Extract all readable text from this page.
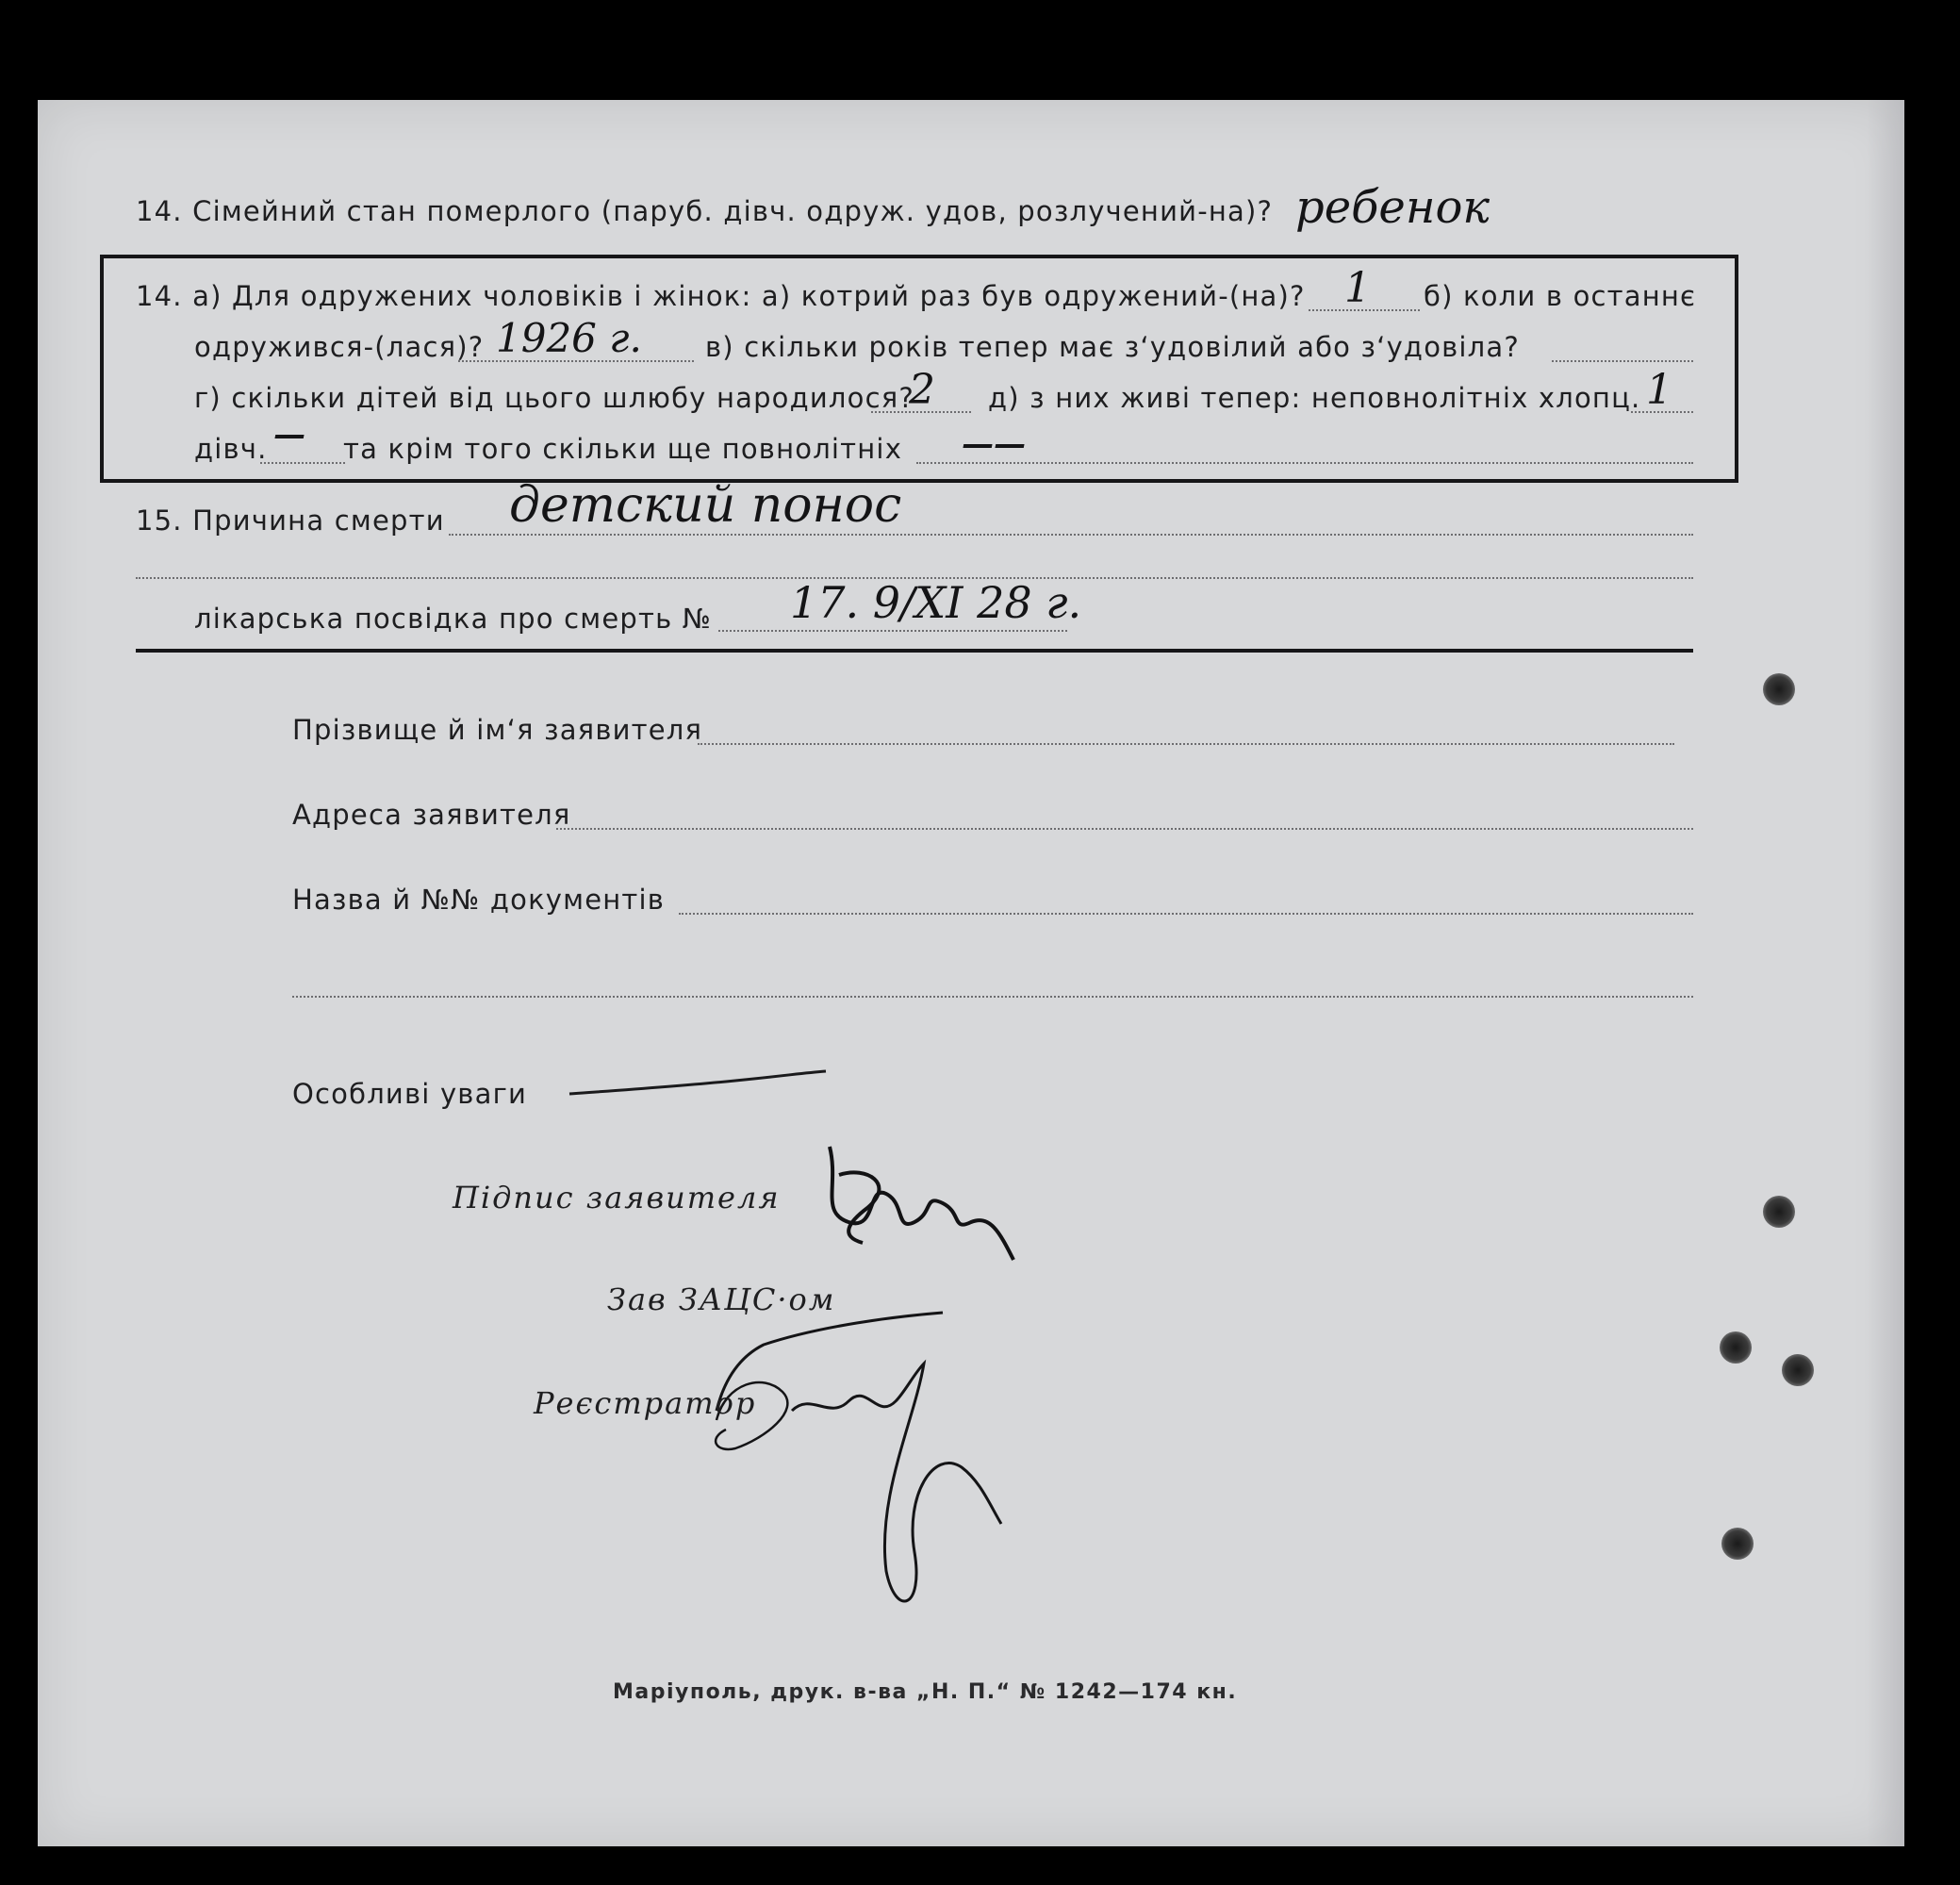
14. Сімейний стан померлого (паруб. дівч. одруж. удов, розлучений-на)? ребенок
14. а) Для одружених чоловіків і жінок: а) котрий раз був одружений-(на)? 1 б) коли в останнє
одружився-(лася)? 1926 г. в) скільки років тепер має з‘удовілий або з‘удовіла?
г) скільки дітей від цього шлюбу народилося?
2 д) з них живі тепер: неповнолітніх хлопц. 1
дівч. — та крім того скільки ще повнолітніх ——
15. Причина смерти детский понос
лікарська посвідка про смерть № 17. 9/XI 28 г.
Прізвище й ім‘я заявителя
Адреса заявителя
Назва й №№ документів
Особливі уваги
Підпис заявителя
Зав ЗАЦС·ом
Реєстратор
Маріуполь, друк. в-ва „Н. П.“ № 1242—174 кн.
